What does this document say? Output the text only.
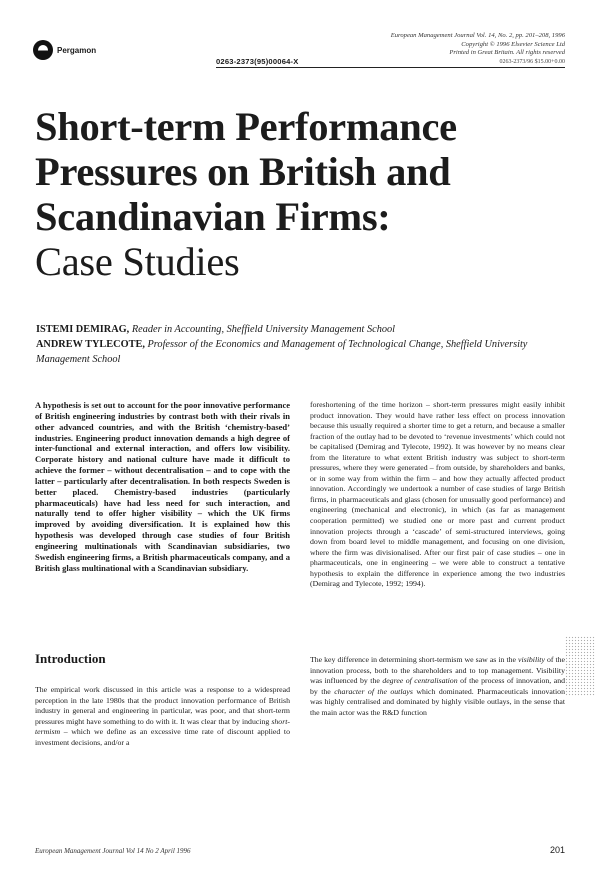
Pergamon
European Management Journal Vol. 14, No. 2, pp. 201–208, 1996
Copyright © 1996 Elsevier Science Ltd
Printed in Great Britain. All rights reserved
0263-2373(95)00064-X	0263-2373/96 $15.00+0.00
Short-term Performance
Pressures on British and
Scandinavian Firms:
Case Studies
ISTEMI DEMIRAG, Reader in Accounting, Sheffield University Management School
ANDREW TYLECOTE, Professor of the Economics and Management of Technological Change, Sheffield University Management School
A hypothesis is set out to account for the poor innovative performance of British engineering industries by contrast both with their rivals in other advanced countries, and with the British ‘chemistry-based’ industries. Engineering product innovation demands a high degree of inter-functional and external interaction, and offers low visibility. Corporate history and national culture have made it difficult to achieve the former – without decentralisation – and to cope with the latter – particularly after decentralisation. In both respects Sweden is better placed. Chemistry-based industries (particularly pharmaceuticals) have had less need for such interaction, and naturally tend to offer higher visibility – which the UK firms improved by avoiding diversification. It is explained how this hypothesis was developed through case studies of four British engineering multinationals with Scandinavian subsidiaries, two Swedish engineering firms, a British pharmaceuticals company, and a British glass multinational with a Scandinavian subsidiary.
Introduction

The empirical work discussed in this article was a response to a widespread perception in the late 1980s that the product innovation performance of British industry in general and engineering in particular, was poor, and that short-term pressures might have something to do with it. It was clear that by inducing short-termism – which we define as an excessive time rate of discount applied to investment decisions, and/or a

foreshortening of the time horizon – short-term pressures might easily inhibit product innovation. They would have rather less effect on process innovation because this usually required a shorter time to get a return, and because a smaller fraction of the outlay had to be devoted to ‘revenue investments’ which could not be capitalised (Demirag and Tylecote, 1992). It was however by no means clear from the literature to what extent British industry was subject to short-term pressures, where they were generated – from outside, by shareholders and banks, or in some way from within the firm – and how they actually affected product innovation. Accordingly we undertook a number of case studies of large British firms, in pharmaceuticals and glass (chosen for unusually good performance) and engineering (mechanical and electronic), in which (as far as management cooperation permitted) we studied one or more past and current product innovation projects through a ‘cascade’ of semi-structured interviews, going down from board level to middle management, and focusing on one division, where the firm was divisionalised. After our first pair of case studies – one in pharmaceuticals, one in engineering – we were able to construct a tentative hypothesis to explain the difference in experience among the two industries (Demirag and Tylecote, 1992; 1994).

The key difference in determining short-termism we saw as in the visibility of the innovation process, both to the shareholders and to top management. Visibility was influenced by the degree of centralisation of the process of innovation, and by the character of the outlays which dominated. Pharmaceuticals innovation was highly centralised and dominated by highly visible outlays, in the sense that the main actor was the R&D function

European Management Journal Vol 14 No 2 April 1996	201
